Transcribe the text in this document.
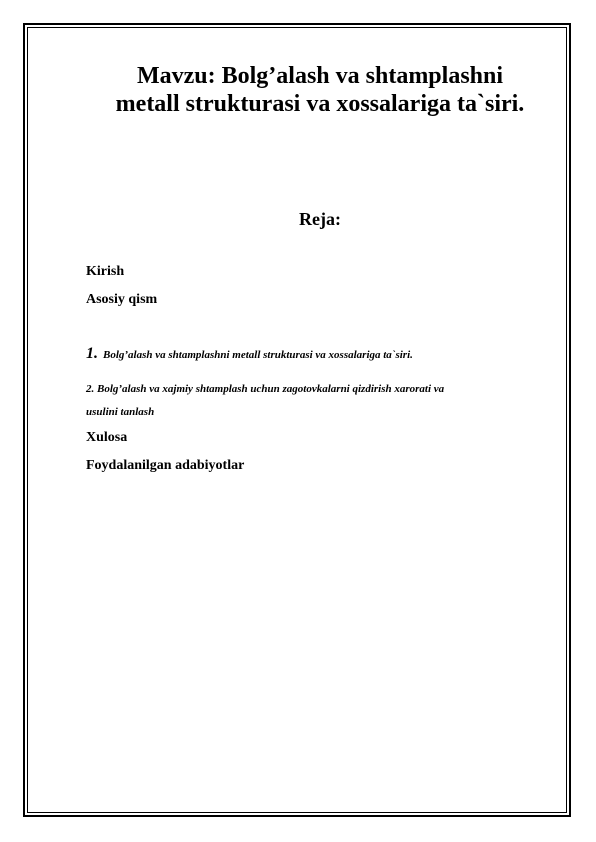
Mavzu: Bolg’alash va shtamplashni
metall strukturasi va xossalariga ta`siri.
Reja:
Kirish
Asosiy qism
1. Bolg’alash va shtamplashni metall strukturasi va xossalariga ta`siri.
2. Bolg’alash va xajmiy shtamplash uchun zagotovkalarni qizdirish xarorati va
usulini tanlash
Xulosa
Foydalanilgan adabiyotlar
